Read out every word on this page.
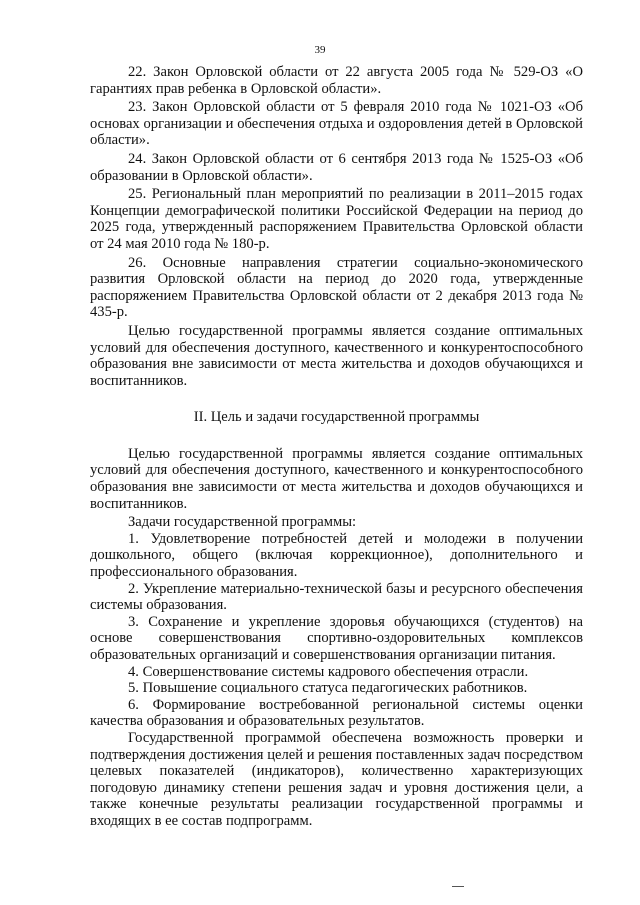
39

22. Закон Орловской области от 22 августа 2005 года № 529-ОЗ «О гарантиях прав ребенка в Орловской области».

23. Закон Орловской области от 5 февраля 2010 года № 1021-ОЗ «Об основах организации и обеспечения отдыха и оздоровления детей в Орловской области».

24. Закон Орловской области от 6 сентября 2013 года № 1525-ОЗ «Об образовании в Орловской области».

25. Региональный план мероприятий по реализации в 2011–2015 годах Концепции демографической политики Российской Федерации на период до 2025 года, утвержденный распоряжением Правительства Орловской области от 24 мая 2010 года № 180-р.

26. Основные направления стратегии социально-экономического развития Орловской области на период до 2020 года, утвержденные распоряжением Правительства Орловской области от 2 декабря 2013 года № 435-р.

Целью государственной программы является создание оптимальных условий для обеспечения доступного, качественного и конкурентоспособного образования вне зависимости от места жительства и доходов обучающихся и воспитанников.

II. Цель и задачи государственной программы

Целью государственной программы является создание оптимальных условий для обеспечения доступного, качественного и конкурентоспособного образования вне зависимости от места жительства и доходов обучающихся и воспитанников.

Задачи государственной программы:

1. Удовлетворение потребностей детей и молодежи в получении дошкольного, общего (включая коррекционное), дополнительного и профессионального образования.

2. Укрепление материально-технической базы и ресурсного обеспечения системы образования.

3. Сохранение и укрепление здоровья обучающихся (студентов) на основе совершенствования спортивно-оздоровительных комплексов образовательных организаций и совершенствования организации питания.

4. Совершенствование системы кадрового обеспечения отрасли.

5. Повышение социального статуса педагогических работников.

6. Формирование востребованной региональной системы оценки качества образования и образовательных результатов.

Государственной программой обеспечена возможность проверки и подтверждения достижения целей и решения поставленных задач посредством целевых показателей (индикаторов), количественно характеризующих погодовую динамику степени решения задач и уровня достижения цели, а также конечные результаты реализации государственной программы и входящих в ее состав подпрограмм.
